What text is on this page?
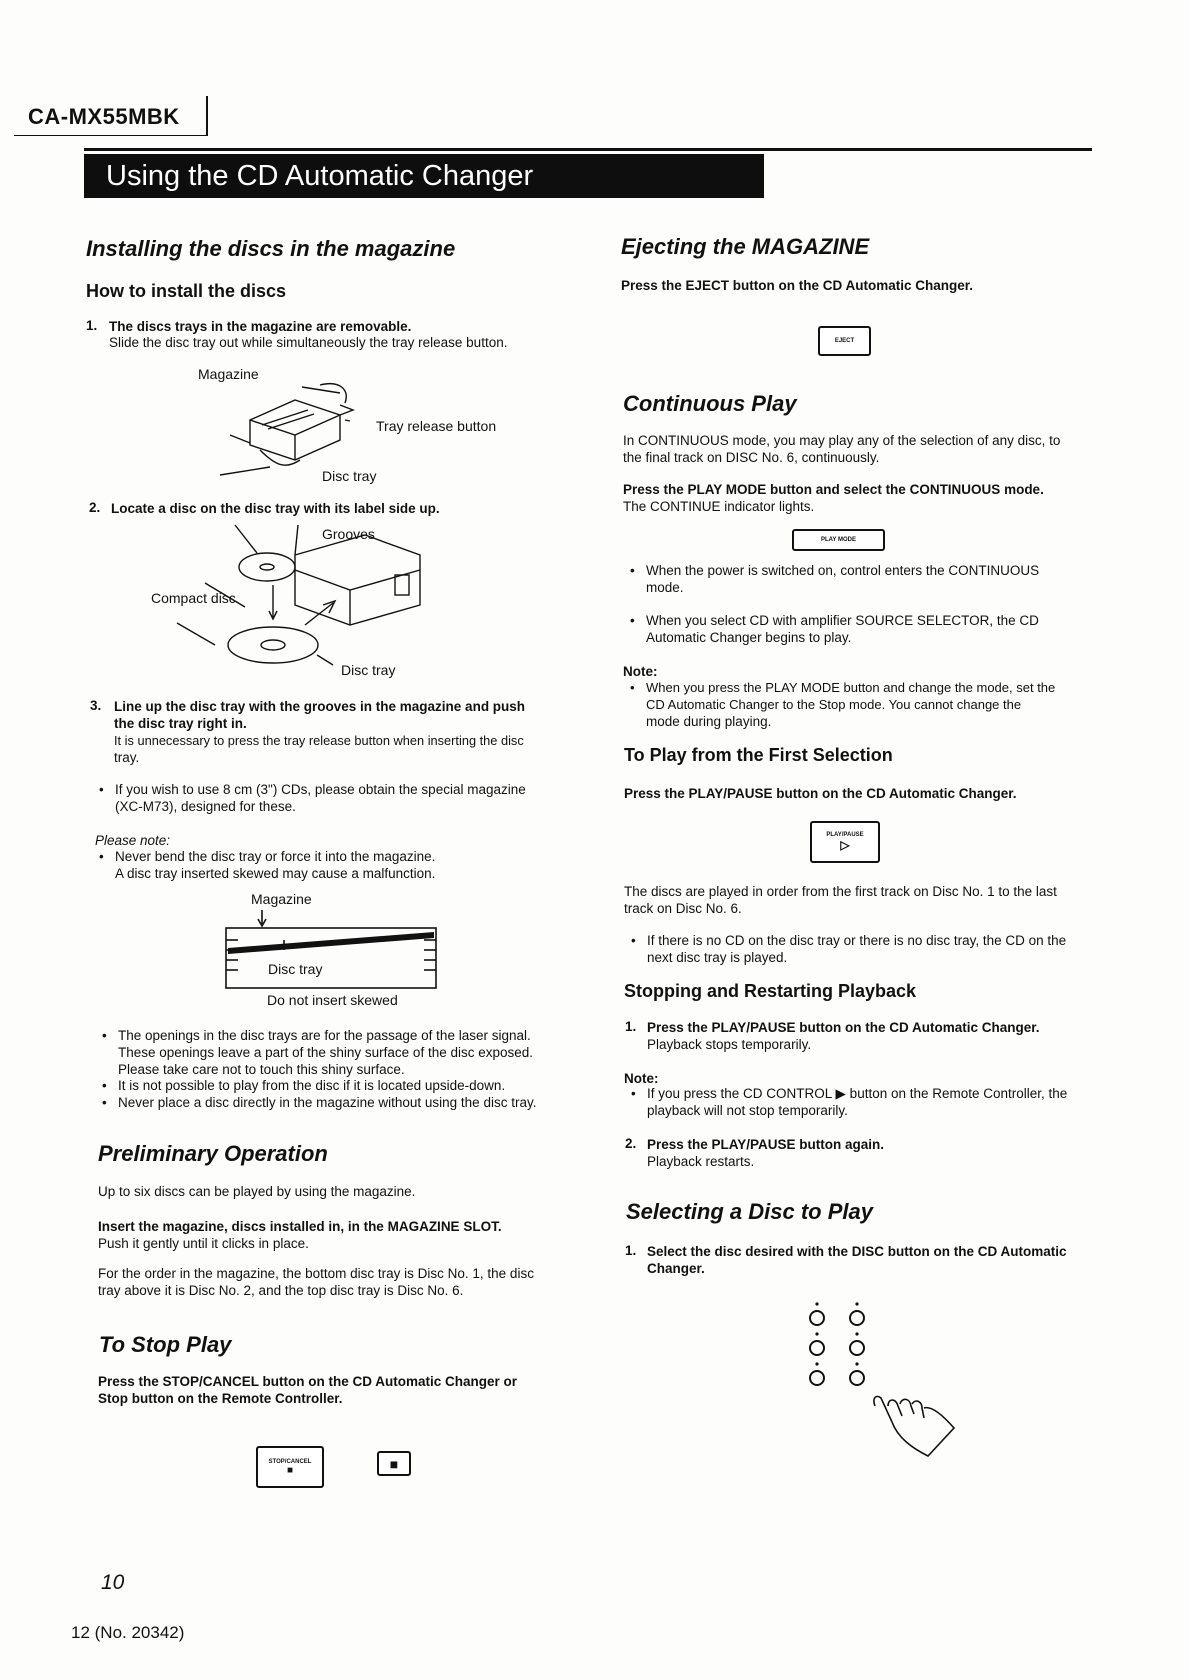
CA-MX55MBK
Using the CD Automatic Changer
Installing the discs in the magazine
How to install the discs
1. The discs trays in the magazine are removable.
Slide the disc tray out while simultaneously the tray release button.
Magazine
Tray release button
Disc tray
2. Locate a disc on the disc tray with its label side up.
Grooves
Compact disc
Disc tray
3. Line up the disc tray with the grooves in the magazine and push
the disc tray right in.
It is unnecessary to press the tray release button when inserting the disc
tray.
• If you wish to use 8 cm (3") CDs, please obtain the special magazine
(XC-M73), designed for these.
Please note:
• Never bend the disc tray or force it into the magazine.
A disc tray inserted skewed may cause a malfunction.
Magazine
Disc tray
Do not insert skewed
• The openings in the disc trays are for the passage of the laser signal.
These openings leave a part of the shiny surface of the disc exposed.
Please take care not to touch this shiny surface.
• It is not possible to play from the disc if it is located upside-down.
• Never place a disc directly in the magazine without using the disc tray.
Preliminary Operation
Up to six discs can be played by using the magazine.
Insert the magazine, discs installed in, in the MAGAZINE SLOT.
Push it gently until it clicks in place.
For the order in the magazine, the bottom disc tray is Disc No. 1, the disc
tray above it is Disc No. 2, and the top disc tray is Disc No. 6.
To Stop Play
Press the STOP/CANCEL button on the CD Automatic Changer or
Stop button on the Remote Controller.
STOP/CANCEL
■	■
10
12 (No. 20342)
Ejecting the MAGAZINE
Press the EJECT button on the CD Automatic Changer.
EJECT
Continuous Play
In CONTINUOUS mode, you may play any of the selection of any disc, to
the final track on DISC No. 6, continuously.
Press the PLAY MODE button and select the CONTINUOUS mode.
The CONTINUE indicator lights.
PLAY MODE
• When the power is switched on, control enters the CONTINUOUS
mode.
• When you select CD with amplifier SOURCE SELECTOR, the CD
Automatic Changer begins to play.
Note:
• When you press the PLAY MODE button and change the mode, set the
CD Automatic Changer to the Stop mode. You cannot change the
mode during playing.
To Play from the First Selection
Press the PLAY/PAUSE button on the CD Automatic Changer.
PLAY/PAUSE
▷
The discs are played in order from the first track on Disc No. 1 to the last
track on Disc No. 6.
• If there is no CD on the disc tray or there is no disc tray, the CD on the
next disc tray is played.
Stopping and Restarting Playback
1. Press the PLAY/PAUSE button on the CD Automatic Changer.
Playback stops temporarily.
Note:
• If you press the CD CONTROL ▶ button on the Remote Controller, the
playback will not stop temporarily.
2. Press the PLAY/PAUSE button again.
Playback restarts.
Selecting a Disc to Play
1. Select the disc desired with the DISC button on the CD Automatic
Changer.
